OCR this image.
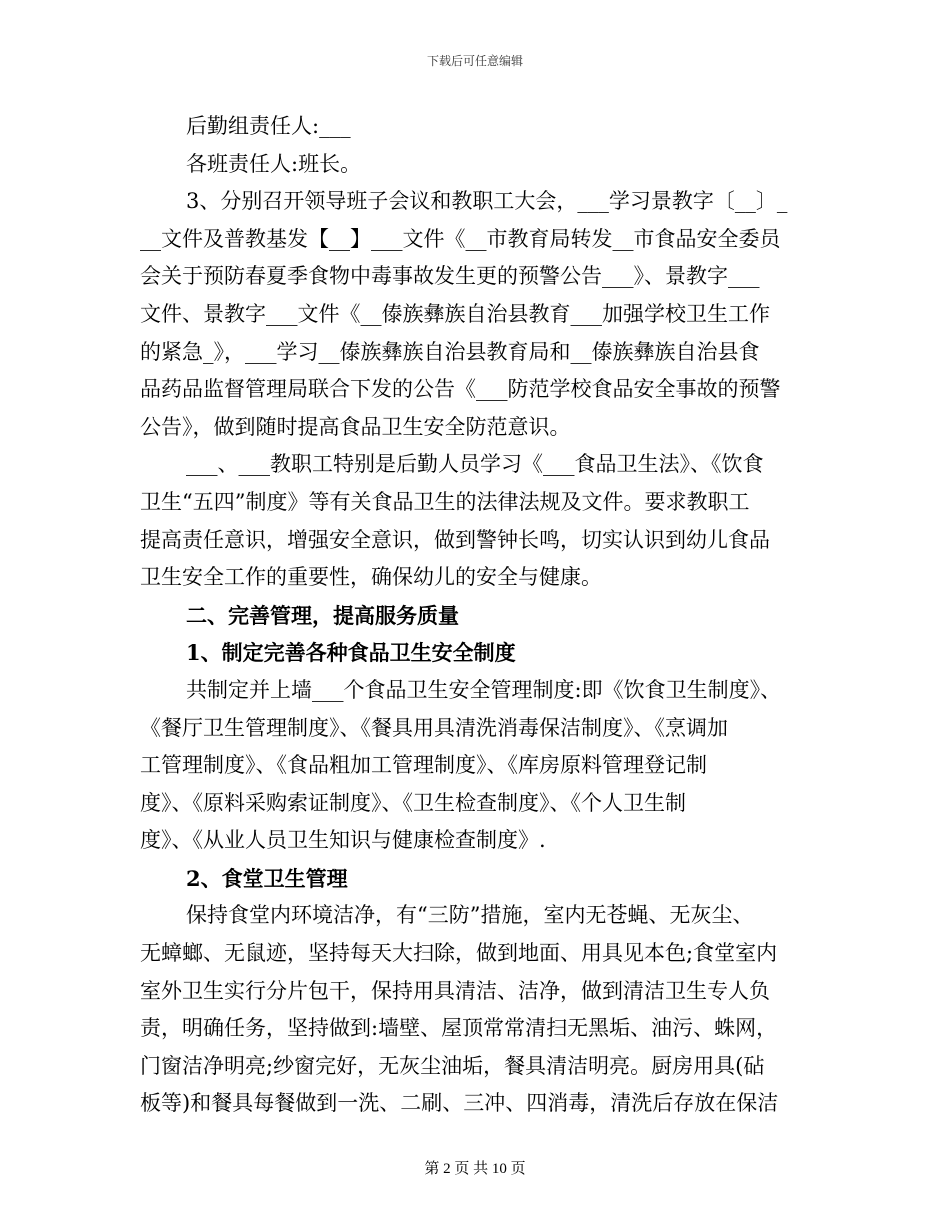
下载后可任意编辑
后勤组责任人:___
各班责任人:班长。
3、分别召开领导班子会议和教职工大会，___学习景教字〔__〕_
__文件及普教基发【__】___文件《__市教育局转发__市食品安全委员
会关于预防春夏季食物中毒事故发生更的预警公告___》、景教字___
文件、景教字___文件《__傣族彝族自治县教育___加强学校卫生工作
的紧急_》，___学习__傣族彝族自治县教育局和__傣族彝族自治县食
品药品监督管理局联合下发的公告《___防范学校食品安全事故的预警
公告》，做到随时提高食品卫生安全防范意识。
___、___教职工特别是后勤人员学习《___食品卫生法》、《饮食
卫生“五四”制度》等有关食品卫生的法律法规及文件。要求教职工
提高责任意识，增强安全意识，做到警钟长鸣，切实认识到幼儿食品
卫生安全工作的重要性，确保幼儿的安全与健康。
二、完善管理，提高服务质量
1、制定完善各种食品卫生安全制度
共制定并上墙___个食品卫生安全管理制度:即《饮食卫生制度》、
《餐厅卫生管理制度》、《餐具用具清洗消毒保洁制度》、《烹调加
工管理制度》、《食品粗加工管理制度》、《库房原料管理登记制
度》、《原料采购索证制度》、《卫生检查制度》、《个人卫生制
度》、《从业人员卫生知识与健康检查制度》.
2、食堂卫生管理
保持食堂内环境洁净，有“三防”措施，室内无苍蝇、无灰尘、
无蟑螂、无鼠迹，坚持每天大扫除，做到地面、用具见本色;食堂室内
室外卫生实行分片包干，保持用具清洁、洁净，做到清洁卫生专人负
责，明确任务，坚持做到:墙壁、屋顶常常清扫无黑垢、油污、蛛网，
门窗洁净明亮;纱窗完好，无灰尘油垢，餐具清洁明亮。厨房用具(砧
板等)和餐具每餐做到一洗、二刷、三冲、四消毒，清洗后存放在保洁
第 2 页 共 10 页
